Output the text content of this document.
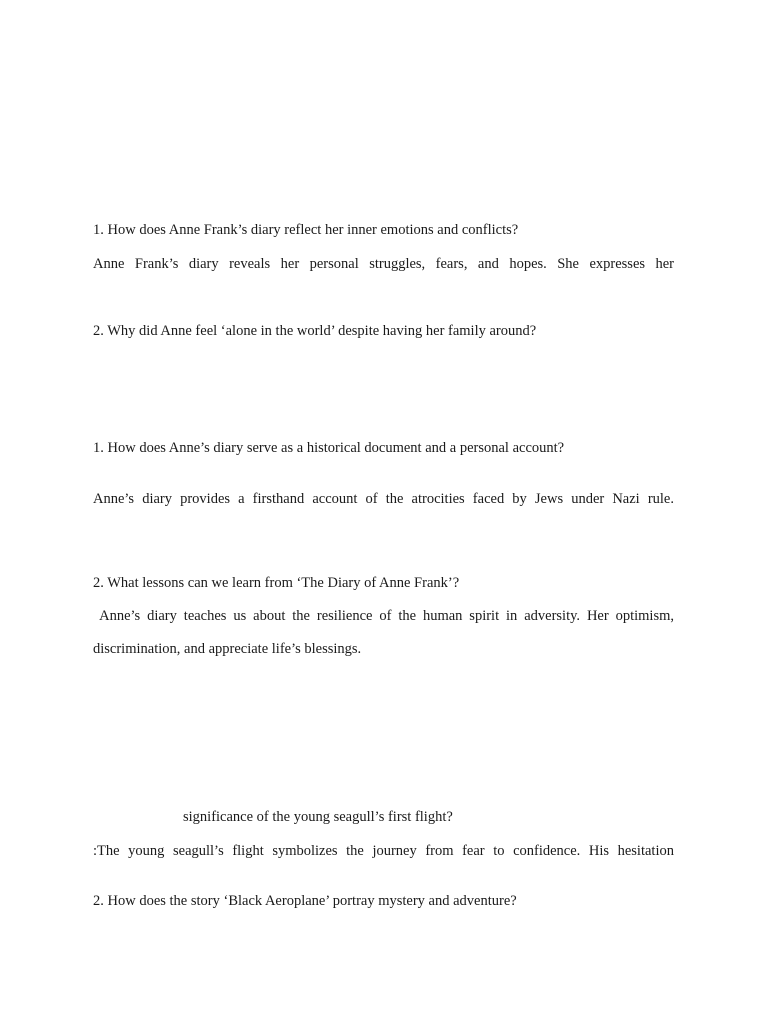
1. How does Anne Frank’s diary reflect her inner emotions and conflicts?
Anne Frank’s diary reveals her personal struggles, fears, and hopes. She expresses her
2. Why did Anne feel ‘alone in the world’ despite having her family around?
1. How does Anne’s diary serve as a historical document and a personal account?
Anne’s diary provides a firsthand account of the atrocities faced by Jews under Nazi rule.
2. What lessons can we learn from ‘The Diary of Anne Frank’?
Anne’s diary teaches us about the resilience of the human spirit in adversity. Her optimism,
discrimination, and appreciate life’s blessings.
significance of the young seagull’s first flight?
:The young seagull’s flight symbolizes the journey from fear to confidence. His hesitation
2. How does the story ‘Black Aeroplane’ portray mystery and adventure?
